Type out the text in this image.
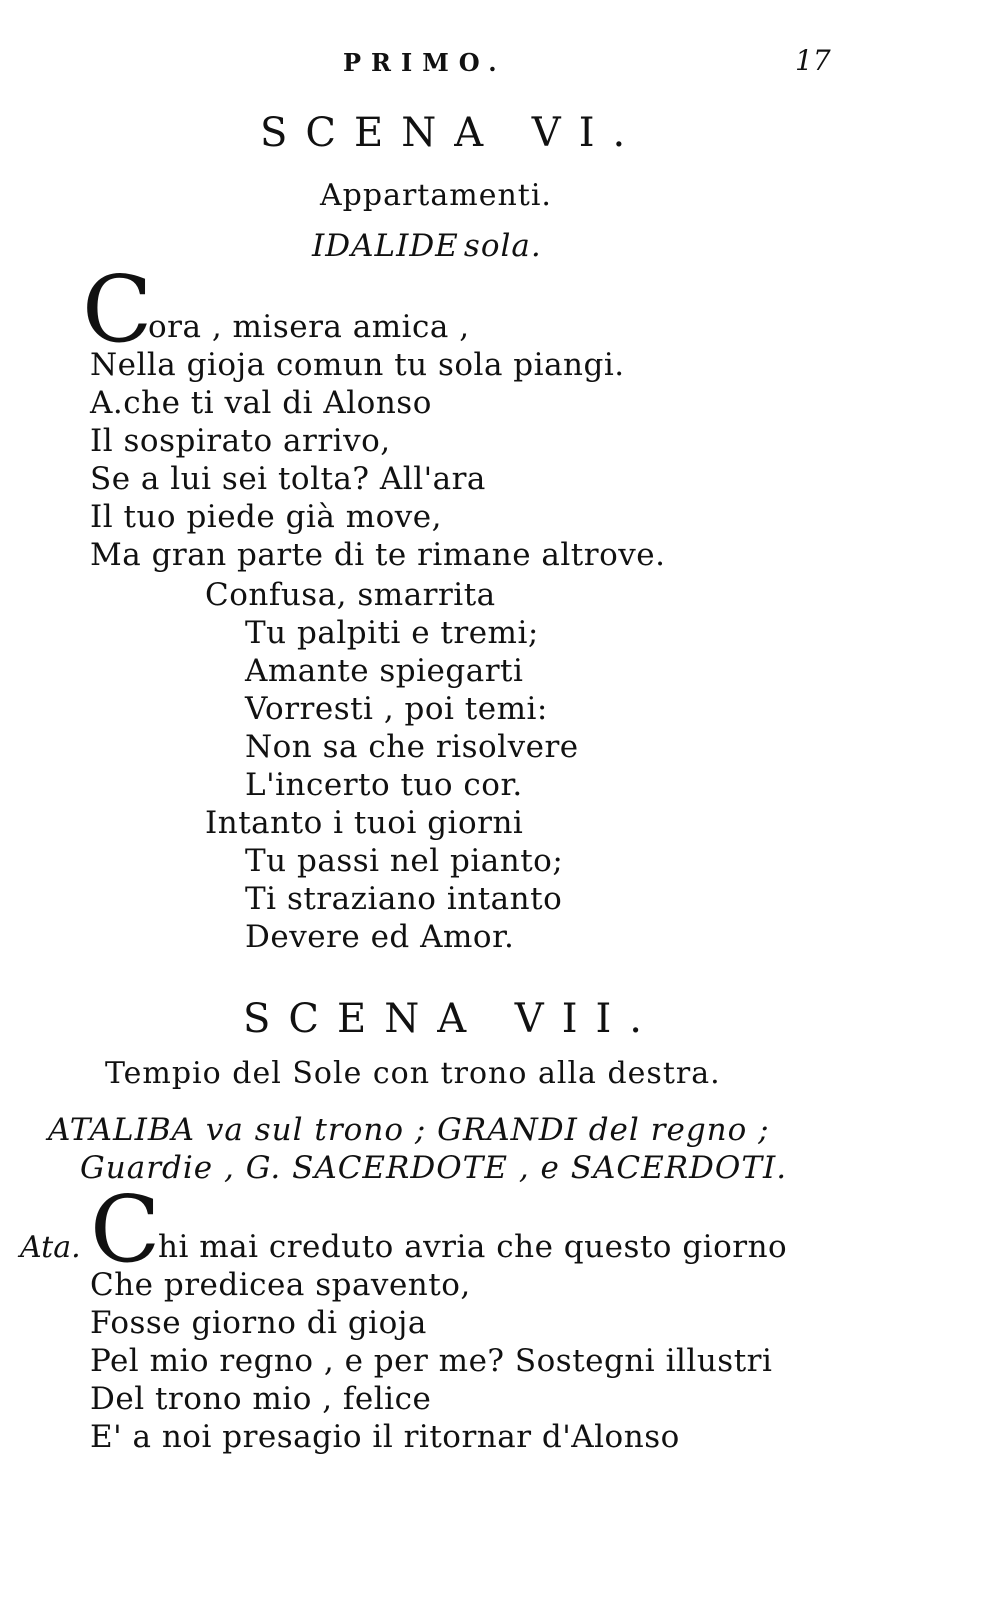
PRIMO.	17
SCENA VI.
Appartamenti.
IDALIDE sola.
C
ora , misera amica ,
Nella gioja comun tu sola piangi.
A.che ti val di Alonso
Il sospirato arrivo,
Se a lui sei tolta? All'ara
Il tuo piede già move,
Ma gran parte di te rimane altrove.
Confusa, smarrita
Tu palpiti e tremi;
Amante spiegarti
Vorresti , poi temi:
Non sa che risolvere
L'incerto tuo cor.
Intanto i tuoi giorni
Tu passi nel pianto;
Ti straziano intanto
Devere ed Amor.
SCENA VII.
Tempio del Sole con trono alla destra.
ATALIBA va sul trono ; GRANDI del regno ;
Guardie , G. SACERDOTE , e SACERDOTI.
Ata. C
hi mai creduto avria che questo giorno
Che predicea spavento,
Fosse giorno di gioja
Pel mio regno , e per me? Sostegni illustri
Del trono mio , felice
E' a noi presagio il ritornar d'Alonso
